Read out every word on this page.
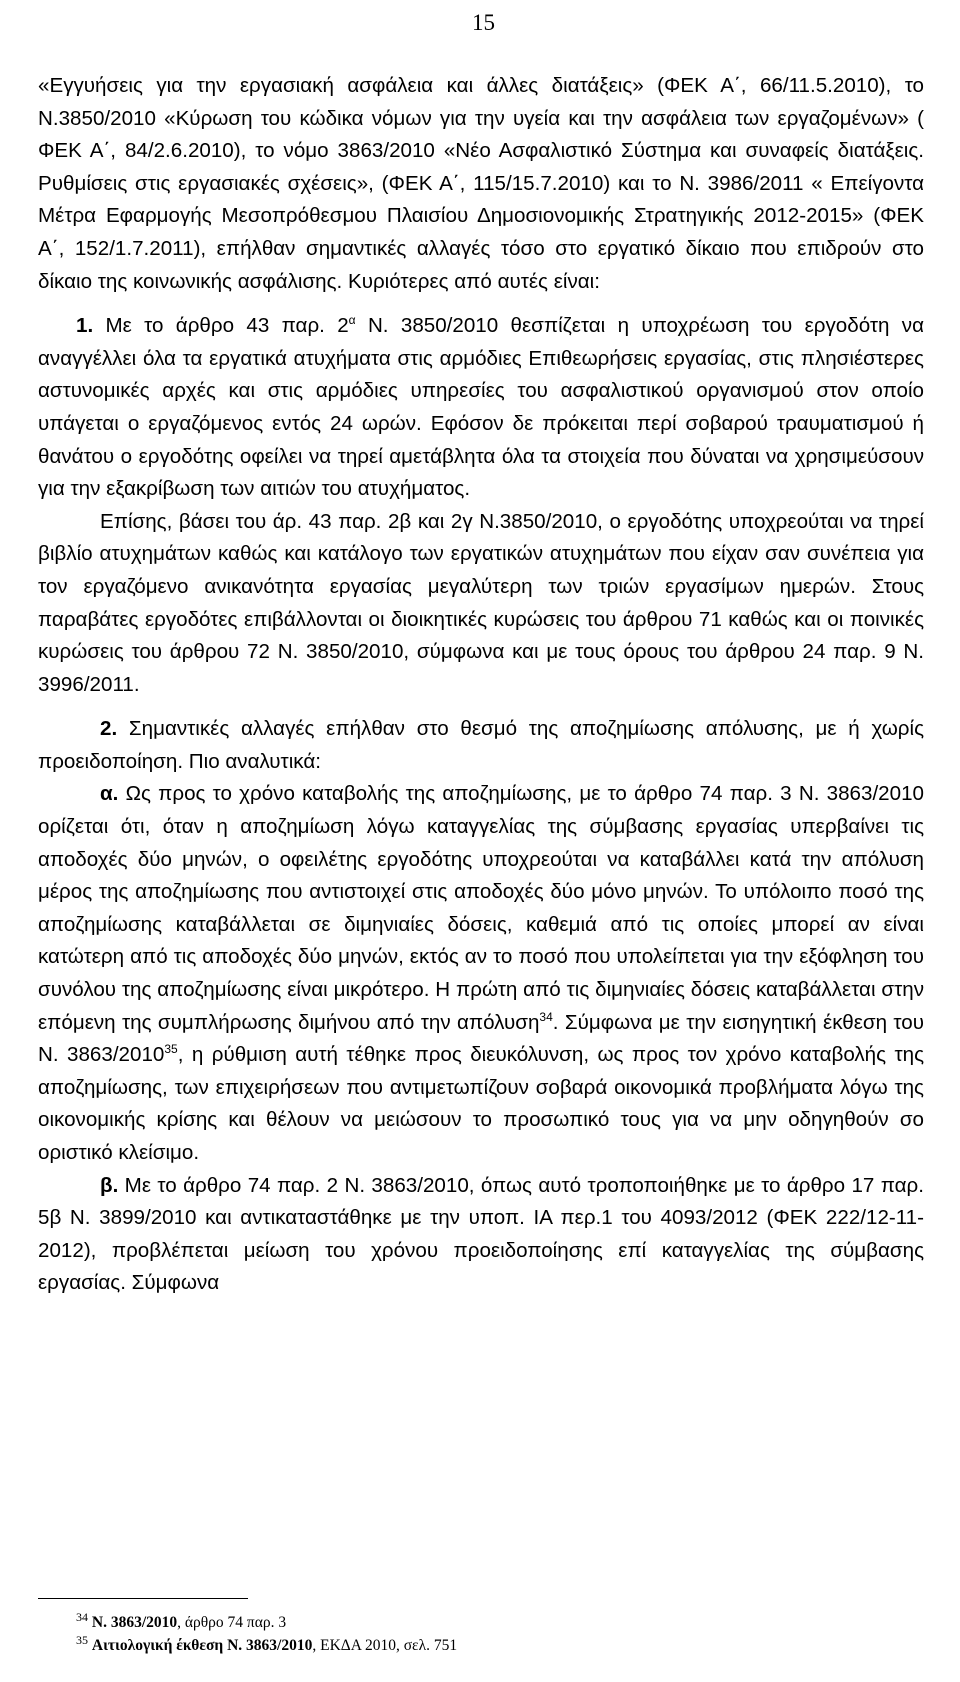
15

«Εγγυήσεις για την εργασιακή ασφάλεια και άλλες διατάξεις» (ΦΕΚ Α΄, 66/11.5.2010), το Ν.3850/2010 «Κύρωση του κώδικα νόμων για την υγεία και την ασφάλεια των εργαζομένων» ( ΦΕΚ Α΄, 84/2.6.2010), το νόμο 3863/2010 «Νέο Ασφαλιστικό Σύστημα και συναφείς διατάξεις. Ρυθμίσεις στις εργασιακές σχέσεις», (ΦΕΚ Α΄, 115/15.7.2010) και το Ν. 3986/2011 « Επείγοντα Μέτρα Εφαρμογής Μεσοπρόθεσμου Πλαισίου Δημοσιονομικής Στρατηγικής 2012-2015» (ΦΕΚ Α΄, 152/1.7.2011), επήλθαν σημαντικές αλλαγές τόσο στο εργατικό δίκαιο που επιδρούν στο δίκαιο της κοινωνικής ασφάλισης. Κυριότερες από αυτές είναι:

1. Με το άρθρο 43 παρ. $2^\alpha$ Ν. 3850/2010 θεσπίζεται η υποχρέωση του εργοδότη να αναγγέλλει όλα τα εργατικά ατυχήματα στις αρμόδιες Επιθεωρήσεις εργασίας, στις πλησιέστερες αστυνομικές αρχές και στις αρμόδιες υπηρεσίες του ασφαλιστικού οργανισμού στον οποίο υπάγεται ο εργαζόμενος εντός 24 ωρών. Εφόσον δε πρόκειται περί σοβαρού τραυματισμού ή θανάτου ο εργοδότης οφείλει να τηρεί αμετάβλητα όλα τα στοιχεία που δύναται να χρησιμεύσουν για την εξακρίβωση των αιτιών του ατυχήματος.

Επίσης, βάσει του άρ. 43 παρ. 2β και 2γ Ν.3850/2010, ο εργοδότης υποχρεούται να τηρεί βιβλίο ατυχημάτων καθώς και κατάλογο των εργατικών ατυχημάτων που είχαν σαν συνέπεια για τον εργαζόμενο ανικανότητα εργασίας μεγαλύτερη των τριών εργασίμων ημερών. Στους παραβάτες εργοδότες επιβάλλονται οι διοικητικές κυρώσεις του άρθρου 71 καθώς και οι ποινικές κυρώσεις του άρθρου 72 Ν. 3850/2010, σύμφωνα και με τους όρους του άρθρου 24 παρ. 9 Ν. 3996/2011.

2. Σημαντικές αλλαγές επήλθαν στο θεσμό της αποζημίωσης απόλυσης, με ή χωρίς προειδοποίηση. Πιο αναλυτικά:

α. Ως προς το χρόνο καταβολής της αποζημίωσης, με το άρθρο 74 παρ. 3 Ν. 3863/2010 ορίζεται ότι, όταν η αποζημίωση λόγω καταγγελίας της σύμβασης εργασίας υπερβαίνει τις αποδοχές δύο μηνών, ο οφειλέτης εργοδότης υποχρεούται να καταβάλλει κατά την απόλυση μέρος της αποζημίωσης που αντιστοιχεί στις αποδοχές δύο μόνο μηνών. Το υπόλοιπο ποσό της αποζημίωσης καταβάλλεται σε διμηνιαίες δόσεις, καθεμιά από τις οποίες μπορεί αν είναι κατώτερη από τις αποδοχές δύο μηνών, εκτός αν το ποσό που υπολείπεται για την εξόφληση του συνόλου της αποζημίωσης είναι μικρότερο. Η πρώτη από τις διμηνιαίες δόσεις καταβάλλεται στην επόμενη της συμπλήρωσης διμήνου από την απόλυση$^{34}$. Σύμφωνα με την εισηγητική έκθεση του Ν. 3863/2010$^{35}$, η ρύθμιση αυτή τέθηκε προς διευκόλυνση, ως προς τον χρόνο καταβολής της αποζημίωσης, των επιχειρήσεων που αντιμετωπίζουν σοβαρά οικονομικά προβλήματα λόγω της οικονομικής κρίσης και θέλουν να μειώσουν το προσωπικό τους για να μην οδηγηθούν σο οριστικό κλείσιμο.

β. Με το άρθρο 74 παρ. 2 Ν. 3863/2010, όπως αυτό τροποποιήθηκε με το άρθρο 17 παρ. 5β Ν. 3899/2010 και αντικαταστάθηκε με την υποπ. ΙΑ περ.1 του 4093/2012 (ΦΕΚ 222/12-11-2012), προβλέπεται μείωση του χρόνου προειδοποίησης επί καταγγελίας της σύμβασης εργασίας. Σύμφωνα

$^{34}$ Ν. 3863/2010, άρθρο 74 παρ. 3

$^{35}$ Αιτιολογική έκθεση Ν. 3863/2010, ΕΚΔΑ 2010, σελ. 751
